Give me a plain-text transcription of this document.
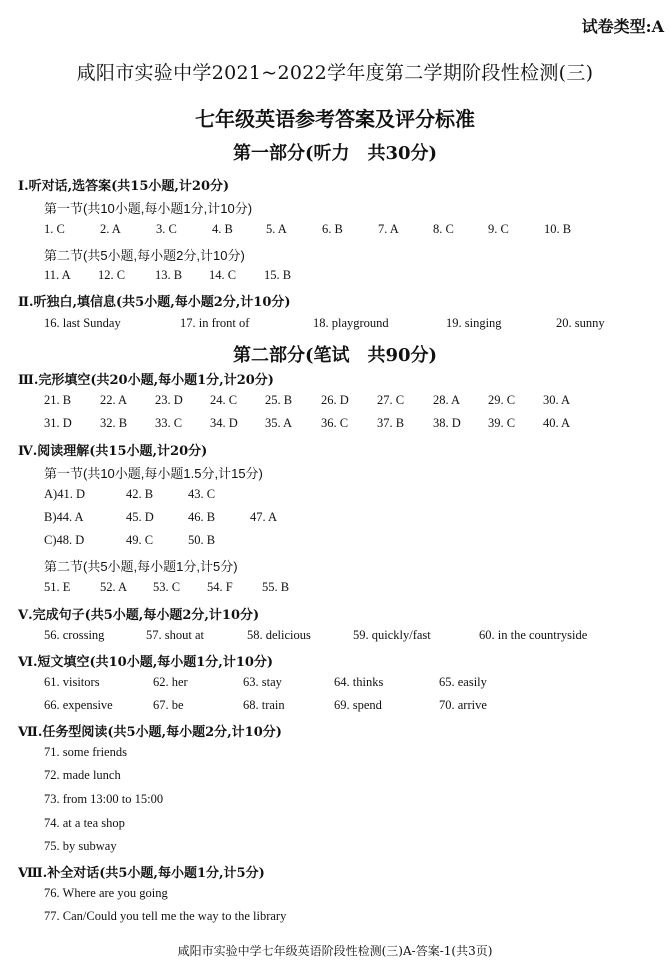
试卷类型:A
咸阳市实验中学2021~2022学年度第二学期阶段性检测(三)
七年级英语参考答案及评分标准
第一部分(听力　共30分)
Ⅰ.听对话,选答案(共15小题,计20分)
第一节(共10小题,每小题1分,计10分)
1. C	2. A	3. C	4. B	5. A	6. B	7. A	8. C	9. C	10. B
第二节(共5小题,每小题2分,计10分)
11. A 12. C 13. B 14. C 15. B
Ⅱ.听独白,填信息(共5小题,每小题2分,计10分)
16. last Sunday	17. in front of	18. playground	19. singing	20. sunny
第二部分(笔试　共90分)
Ⅲ.完形填空(共20小题,每小题1分,计20分)
21. B 22. A 23. D 24. C 25. B 26. D 27. C 28. A 29. C 30. A
31. D 32. B 33. C 34. D 35. A 36. C 37. B 38. D 39. C 40. A
Ⅳ.阅读理解(共15小题,计20分)
第一节(共10小题,每小题1.5分,计15分)
A)41. D	42. B	43. C
B)44. A	45. D	46. B	47. A
C)48. D	49. C	50. B
第二节(共5小题,每小题1分,计5分)
51. E 52. A 53. C 54. F 55. B
Ⅴ.完成句子(共5小题,每小题2分,计10分)
56. crossing	57. shout at	58. delicious	59. quickly/fast	60. in the countryside
Ⅵ.短文填空(共10小题,每小题1分,计10分)
61. visitors	62. her	63. stay	64. thinks	65. easily
66. expensive	67. be	68. train	69. spend	70. arrive
Ⅶ.任务型阅读(共5小题,每小题2分,计10分)
71. some friends
72. made lunch
73. from 13:00 to 15:00
74. at a tea shop
75. by subway
Ⅷ.补全对话(共5小题,每小题1分,计5分)
76. Where are you going
77. Can/Could you tell me the way to the library
咸阳市实验中学七年级英语阶段性检测(三)A-答案-1(共3页)
